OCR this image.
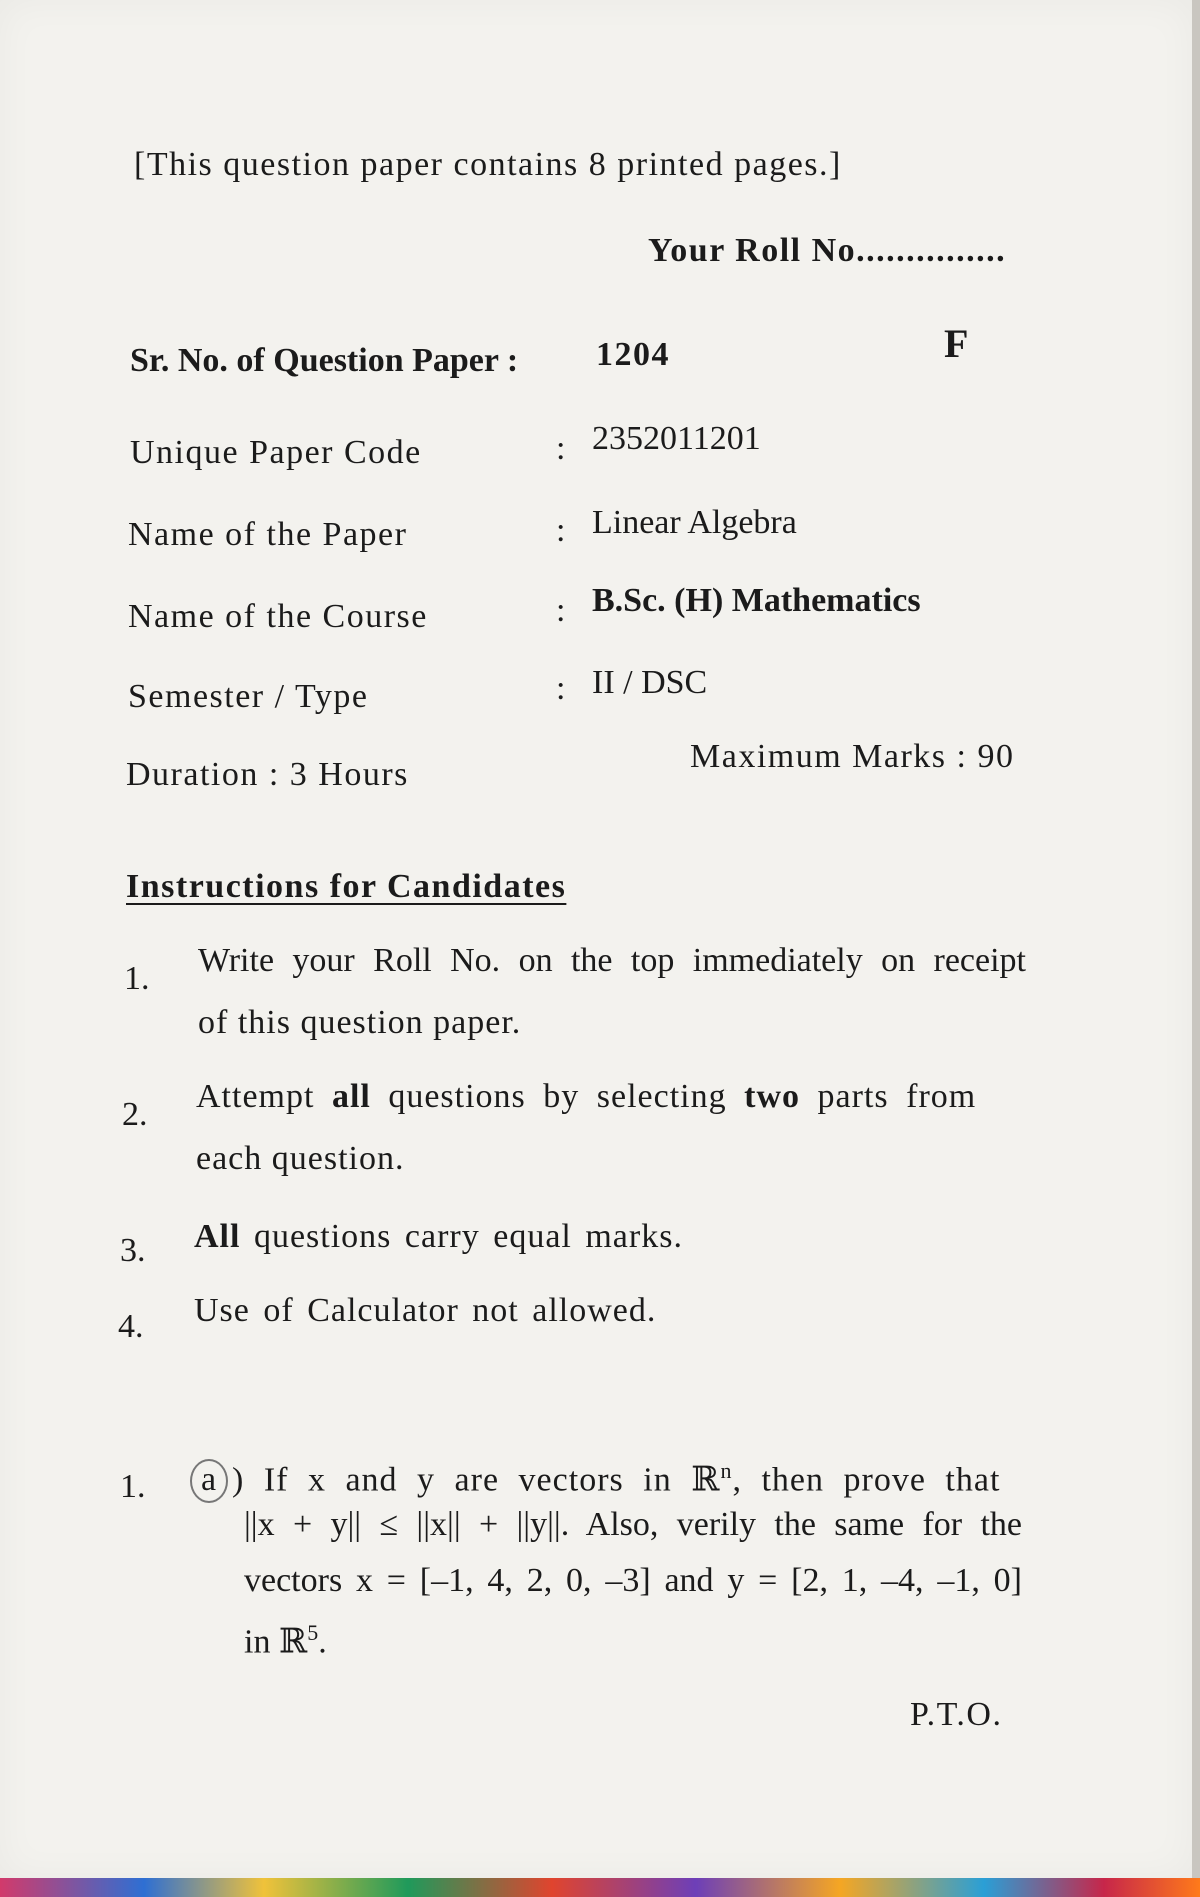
[This question paper contains 8 printed pages.]
Your Roll No...............
Sr. No. of Question Paper : 1204	F
Unique Paper Code	: 2352011201
Name of the Paper	: Linear Algebra
Name of the Course	: B.Sc. (H) Mathematics
Semester / Type	: II / DSC
Duration : 3 Hours	Maximum Marks : 90
Instructions for Candidates
1. Write your Roll No. on the top immediately on receipt
of this question paper.
2. Attempt all questions by selecting two parts from
each question.
3. All questions carry equal marks.
4. Use of Calculator not allowed.
1.	a ) If x and y are vectors in ℝ$^n$, then prove that
||x + y|| ≤ ||x|| + ||y||. Also, verily the same for the
vectors x = [–1, 4, 2, 0, –3] and y = [2, 1, –4, –1, 0]
in ℝ$^5$.
P.T.O.
